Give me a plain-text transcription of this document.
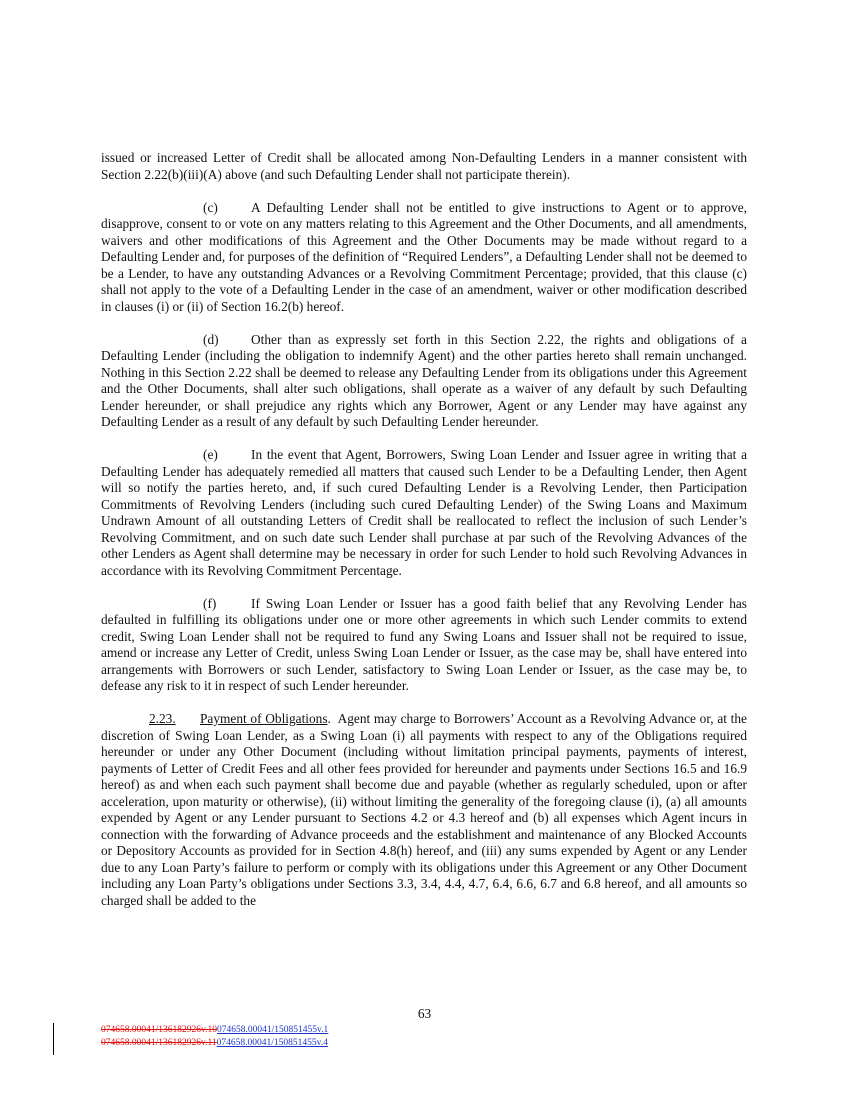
issued or increased Letter of Credit shall be allocated among Non-Defaulting Lenders in a manner consistent with Section 2.22(b)(iii)(A) above (and such Defaulting Lender shall not participate therein).

(c) A Defaulting Lender shall not be entitled to give instructions to Agent or to approve, disapprove, consent to or vote on any matters relating to this Agreement and the Other Documents, and all amendments, waivers and other modifications of this Agreement and the Other Documents may be made without regard to a Defaulting Lender and, for purposes of the definition of “Required Lenders”, a Defaulting Lender shall not be deemed to be a Lender, to have any outstanding Advances or a Revolving Commitment Percentage; provided, that this clause (c) shall not apply to the vote of a Defaulting Lender in the case of an amendment, waiver or other modification described in clauses (i) or (ii) of Section 16.2(b) hereof.

(d) Other than as expressly set forth in this Section 2.22, the rights and obligations of a Defaulting Lender (including the obligation to indemnify Agent) and the other parties hereto shall remain unchanged. Nothing in this Section 2.22 shall be deemed to release any Defaulting Lender from its obligations under this Agreement and the Other Documents, shall alter such obligations, shall operate as a waiver of any default by such Defaulting Lender hereunder, or shall prejudice any rights which any Borrower, Agent or any Lender may have against any Defaulting Lender as a result of any default by such Defaulting Lender hereunder.

(e) In the event that Agent, Borrowers, Swing Loan Lender and Issuer agree in writing that a Defaulting Lender has adequately remedied all matters that caused such Lender to be a Defaulting Lender, then Agent will so notify the parties hereto, and, if such cured Defaulting Lender is a Revolving Lender, then Participation Commitments of Revolving Lenders (including such cured Defaulting Lender) of the Swing Loans and Maximum Undrawn Amount of all outstanding Letters of Credit shall be reallocated to reflect the inclusion of such Lender’s Revolving Commitment, and on such date such Lender shall purchase at par such of the Revolving Advances of the other Lenders as Agent shall determine may be necessary in order for such Lender to hold such Revolving Advances in accordance with its Revolving Commitment Percentage.

(f)	If Swing Loan Lender or Issuer has a good faith belief that any Revolving Lender has defaulted in fulfilling its obligations under one or more other agreements in which such Lender commits to extend credit, Swing Loan Lender shall not be required to fund any Swing Loans and Issuer shall not be required to issue, amend or increase any Letter of Credit, unless Swing Loan Lender or Issuer, as the case may be, shall have entered into arrangements with Borrowers or such Lender, satisfactory to Swing Loan Lender or Issuer, as the case may be, to defease any risk to it in respect of such Lender hereunder.

2.23. Payment of Obligations. Agent may charge to Borrowers’ Account as a Revolving Advance or, at the discretion of Swing Loan Lender, as a Swing Loan (i) all payments with respect to any of the Obligations required hereunder or under any Other Document (including without limitation principal payments, payments of interest, payments of Letter of Credit Fees and all other fees provided for hereunder and payments under Sections 16.5 and 16.9 hereof) as and when each such payment shall become due and payable (whether as regularly scheduled, upon or after acceleration, upon maturity or otherwise), (ii) without limiting the generality of the foregoing clause (i), (a) all amounts expended by Agent or any Lender pursuant to Sections 4.2 or 4.3 hereof and (b) all expenses which Agent incurs in connection with the forwarding of Advance proceeds and the establishment and maintenance of any Blocked Accounts or Depository Accounts as provided for in Section 4.8(h) hereof, and (iii) any sums expended by Agent or any Lender due to any Loan Party’s failure to perform or comply with its obligations under this Agreement or any Other Document including any Loan Party’s obligations under Sections 3.3, 3.4, 4.4, 4.7, 6.4, 6.6, 6.7 and 6.8 hereof, and all amounts so charged shall be added to the

63
074658.00041/136182926v.10074658.00041/150851455v.1
074658.00041/136182926v.11074658.00041/150851455v.4
